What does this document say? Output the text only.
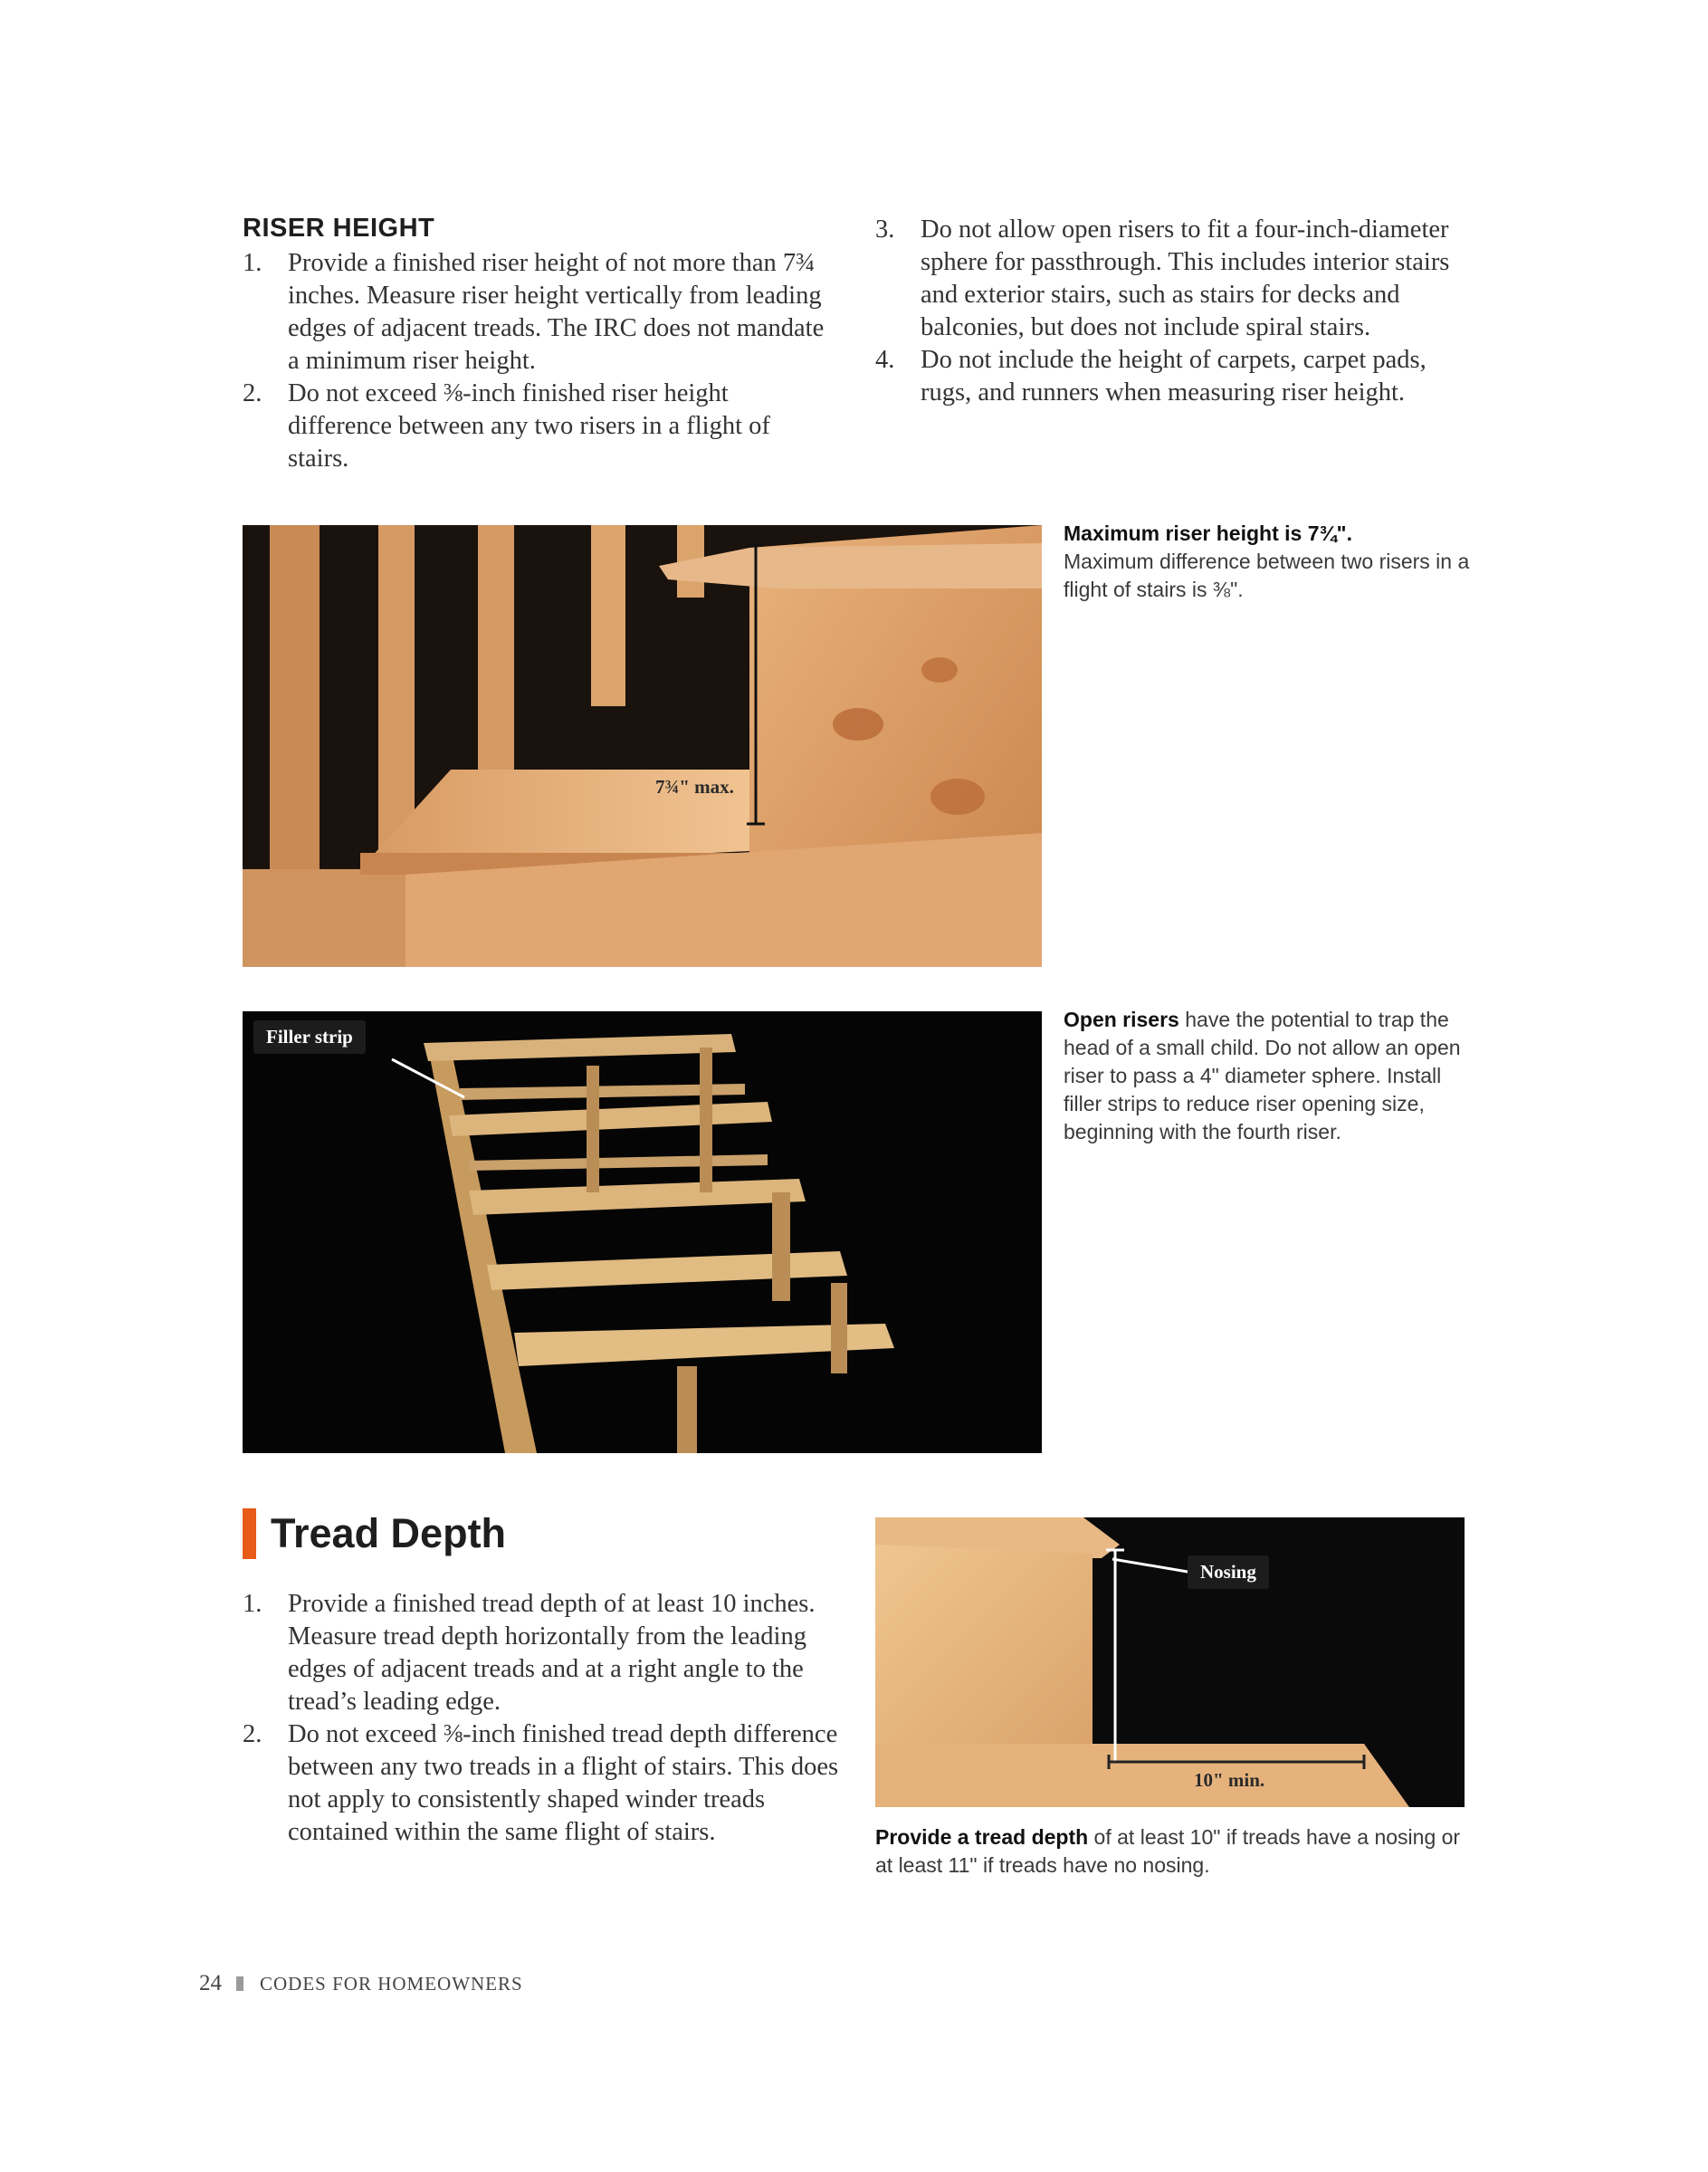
RISER HEIGHT
1. Provide a finished riser height of not more than 7¾ inches. Measure riser height vertically from leading edges of adjacent treads. The IRC does not mandate a minimum riser height.
2. Do not exceed ⅜-inch finished riser height difference between any two risers in a flight of stairs.
3. Do not allow open risers to fit a four-inch-diameter sphere for passthrough. This includes interior stairs and exterior stairs, such as stairs for decks and balconies, but does not include spiral stairs.
4. Do not include the height of carpets, carpet pads, rugs, and runners when measuring riser height.
7¾" max.
Maximum riser height is 7¾".
Maximum difference between two risers in a flight of stairs is ⅜".
Filler strip
Open risers have the potential to trap the head of a small child. Do not allow an open riser to pass a 4" diameter sphere. Install filler strips to reduce riser opening size, beginning with the fourth riser.
Tread Depth
1. Provide a finished tread depth of at least 10 inches. Measure tread depth horizontally from the leading edges of adjacent treads and at a right angle to the tread’s leading edge.
2. Do not exceed ⅜-inch finished tread depth difference between any two treads in a flight of stairs. This does not apply to consistently shaped winder treads contained within the same flight of stairs.
Nosing
10" min.
Provide a tread depth of at least 10" if treads have a nosing or at least 11" if treads have no nosing.
24 CODES FOR HOMEOWNERS
